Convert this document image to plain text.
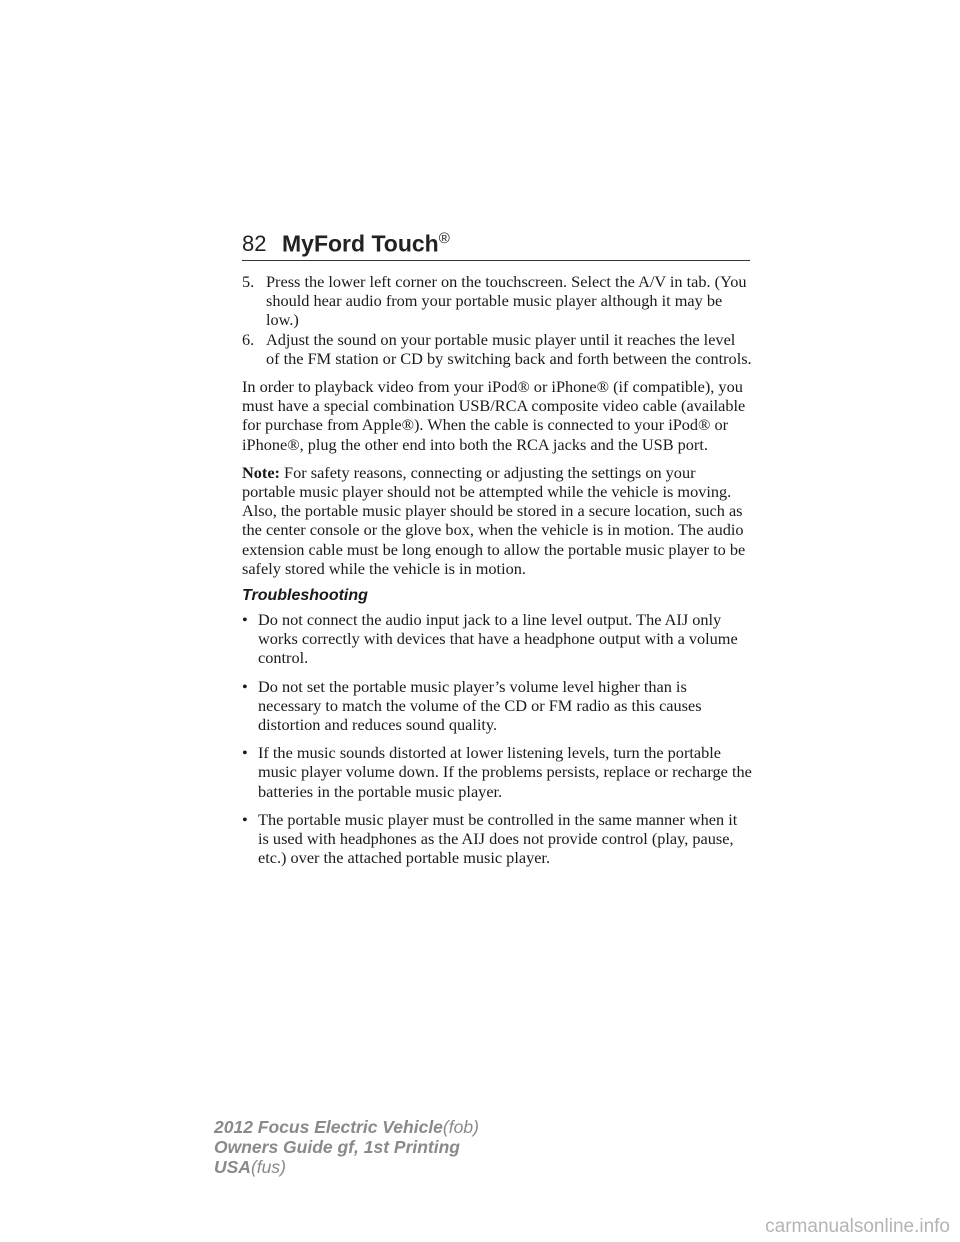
82 MyFord Touch®
5. Press the lower left corner on the touchscreen. Select the A/V in tab. (You should hear audio from your portable music player although it may be low.)

6. Adjust the sound on your portable music player until it reaches the level of the FM station or CD by switching back and forth between the controls.

In order to playback video from your iPod® or iPhone® (if compatible), you must have a special combination USB/RCA composite video cable (available for purchase from Apple®). When the cable is connected to your iPod® or iPhone®, plug the other end into both the RCA jacks and the USB port.

Note: For safety reasons, connecting or adjusting the settings on your portable music player should not be attempted while the vehicle is moving. Also, the portable music player should be stored in a secure location, such as the center console or the glove box, when the vehicle is in motion. The audio extension cable must be long enough to allow the portable music player to be safely stored while the vehicle is in motion.

Troubleshooting
• Do not connect the audio input jack to a line level output. The AIJ only works correctly with devices that have a headphone output with a volume control.
• Do not set the portable music player’s volume level higher than is necessary to match the volume of the CD or FM radio as this causes distortion and reduces sound quality.
• If the music sounds distorted at lower listening levels, turn the portable music player volume down. If the problems persists, replace or recharge the batteries in the portable music player.
• The portable music player must be controlled in the same manner when it is used with headphones as the AIJ does not provide control (play, pause, etc.) over the attached portable music player.
2012 Focus Electric Vehicle(fob)
Owners Guide gf, 1st Printing
USA(fus)
carmanualsonline.info
